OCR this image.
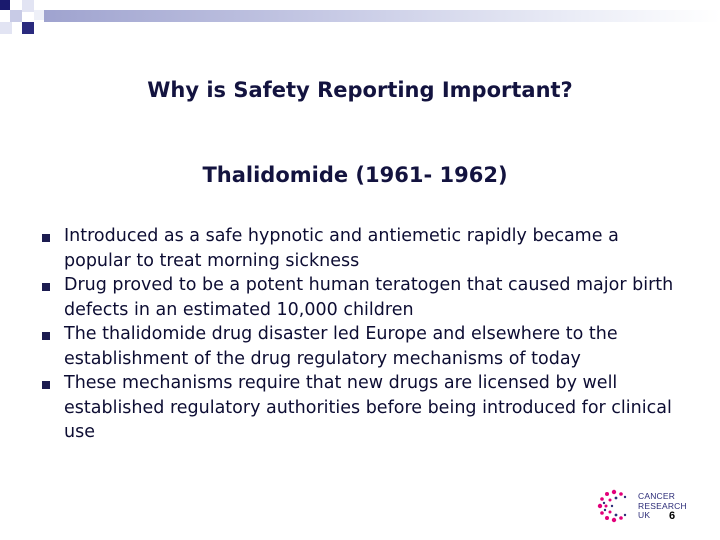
Why is Safety Reporting Important?
Thalidomide (1961- 1962)
Introduced as a safe hypnotic and antiemetic rapidly became a popular to treat morning sickness
Drug proved to be a potent human teratogen that caused major birth defects in an estimated 10,000 children
The thalidomide drug disaster led Europe and elsewhere to the establishment of the drug regulatory mechanisms of today
These mechanisms require that new drugs are licensed by well established regulatory authorities before being introduced for clinical use
CANCER
RESEARCH
UK	6
